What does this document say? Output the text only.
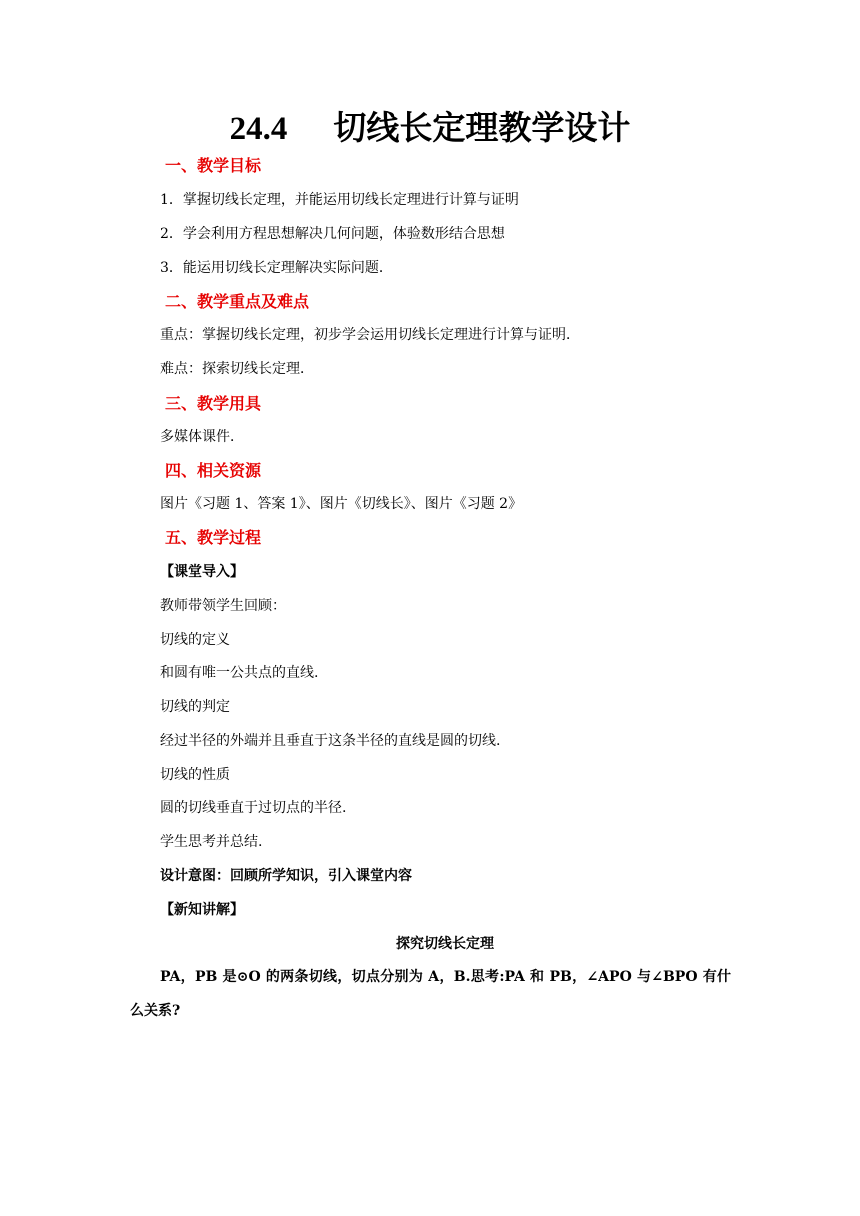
24.4 切线长定理教学设计
一、教学目标
1．掌握切线长定理，并能运用切线长定理进行计算与证明
2．学会利用方程思想解决几何问题，体验数形结合思想
3．能运用切线长定理解决实际问题．
二、教学重点及难点
重点：掌握切线长定理，初步学会运用切线长定理进行计算与证明．
难点：探索切线长定理．
三、教学用具
多媒体课件．
四、相关资源
图片《习题 1、答案 1》、图片《切线长》、图片《习题 2》
五、教学过程
【课堂导入】
教师带领学生回顾：
切线的定义
和圆有唯一公共点的直线.
切线的判定
经过半径的外端并且垂直于这条半径的直线是圆的切线.
切线的性质
圆的切线垂直于过切点的半径.
学生思考并总结.
设计意图：回顾所学知识，引入课堂内容
【新知讲解】
探究切线长定理
PA，PB 是⊙O 的两条切线，切点分别为 A，B.思考:PA 和 PB，∠APO 与∠BPO 有什么关系?
